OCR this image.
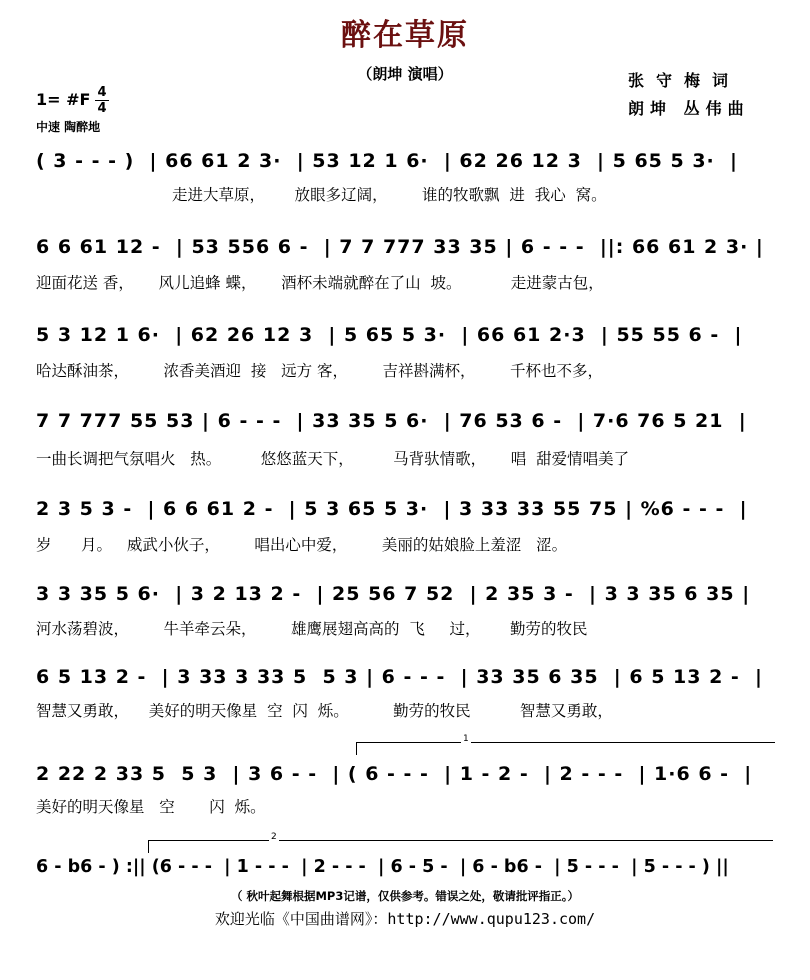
醉在草原
（朗坤 演唱）	张守梅词
朗坤 丛伟曲
1= #F 4
4
中速 陶醉地
( 3 - - - )  | 66 61 2 3·  | 53 12 1 6·  | 62 26 12 3  | 5 65 5 3·  |
走进大草原，      放眼多辽阔，       谁的牧歌飘  进  我心  窝。
6 6 61 12 -  | 53 556 6 -  | 7 7 777 33 35 | 6 - - -  ||: 66 61 2 3· |
迎面花送 香，     风儿追蜂 蝶，     酒杯未端就醉在了山  坡。          走进蒙古包，
5 3 12 1 6·  | 62 26 12 3  | 5 65 5 3·  | 66 61 2·3  | 55 55 6 -  |
哈达酥油茶，       浓香美酒迎  接   远方 客，       吉祥斟满杯，       千杯也不多，
7 7 777 55 53 | 6 - - -  | 33 35 5 6·  | 76 53 6 -  | 7·6 76 5 21  |
一曲长调把气氛唱火   热。        悠悠蓝天下，        马背驮情歌，     唱  甜爱情唱美了
2 3 5 3 -  | 6 6 61 2 -  | 5 3 65 5 3·  | 3 33 33 55 75 | %6 - - -  |
岁      月。   威武小伙子，       唱出心中爱，       美丽的姑娘脸上羞涩   涩。
3 3 35 5 6·  | 3 2 13 2 -  | 25 56 7 52  | 2 35 3 -  | 3 3 35 6 35 |
河水荡碧波，       牛羊牵云朵，       雄鹰展翅高高的  飞     过，      勤劳的牧民
6 5 13 2 -  | 3 33 3 33 5  5 3 | 6 - - -  | 33 35 6 35  | 6 5 13 2 -  |
智慧又勇敢，    美好的明天像星  空  闪  烁。         勤劳的牧民          智慧又勇敢，
1
2 22 2 33 5  5 3  | 3 6 - -  | ( 6 - - -  | 1 - 2 -  | 2 - - -  | 1·6 6 -  |
美好的明天像星   空       闪  烁。
2
6 - b6 - ) :|| (6 - - -  | 1 - - -  | 2 - - -  | 6 - 5 -  | 6 - b6 -  | 5 - - -  | 5 - - - ) ||
（ 秋叶起舞根据MP3记谱，仅供参考。错误之处，敬请批评指正。）
欢迎光临《中国曲谱网》：http://www.qupu123.com/
